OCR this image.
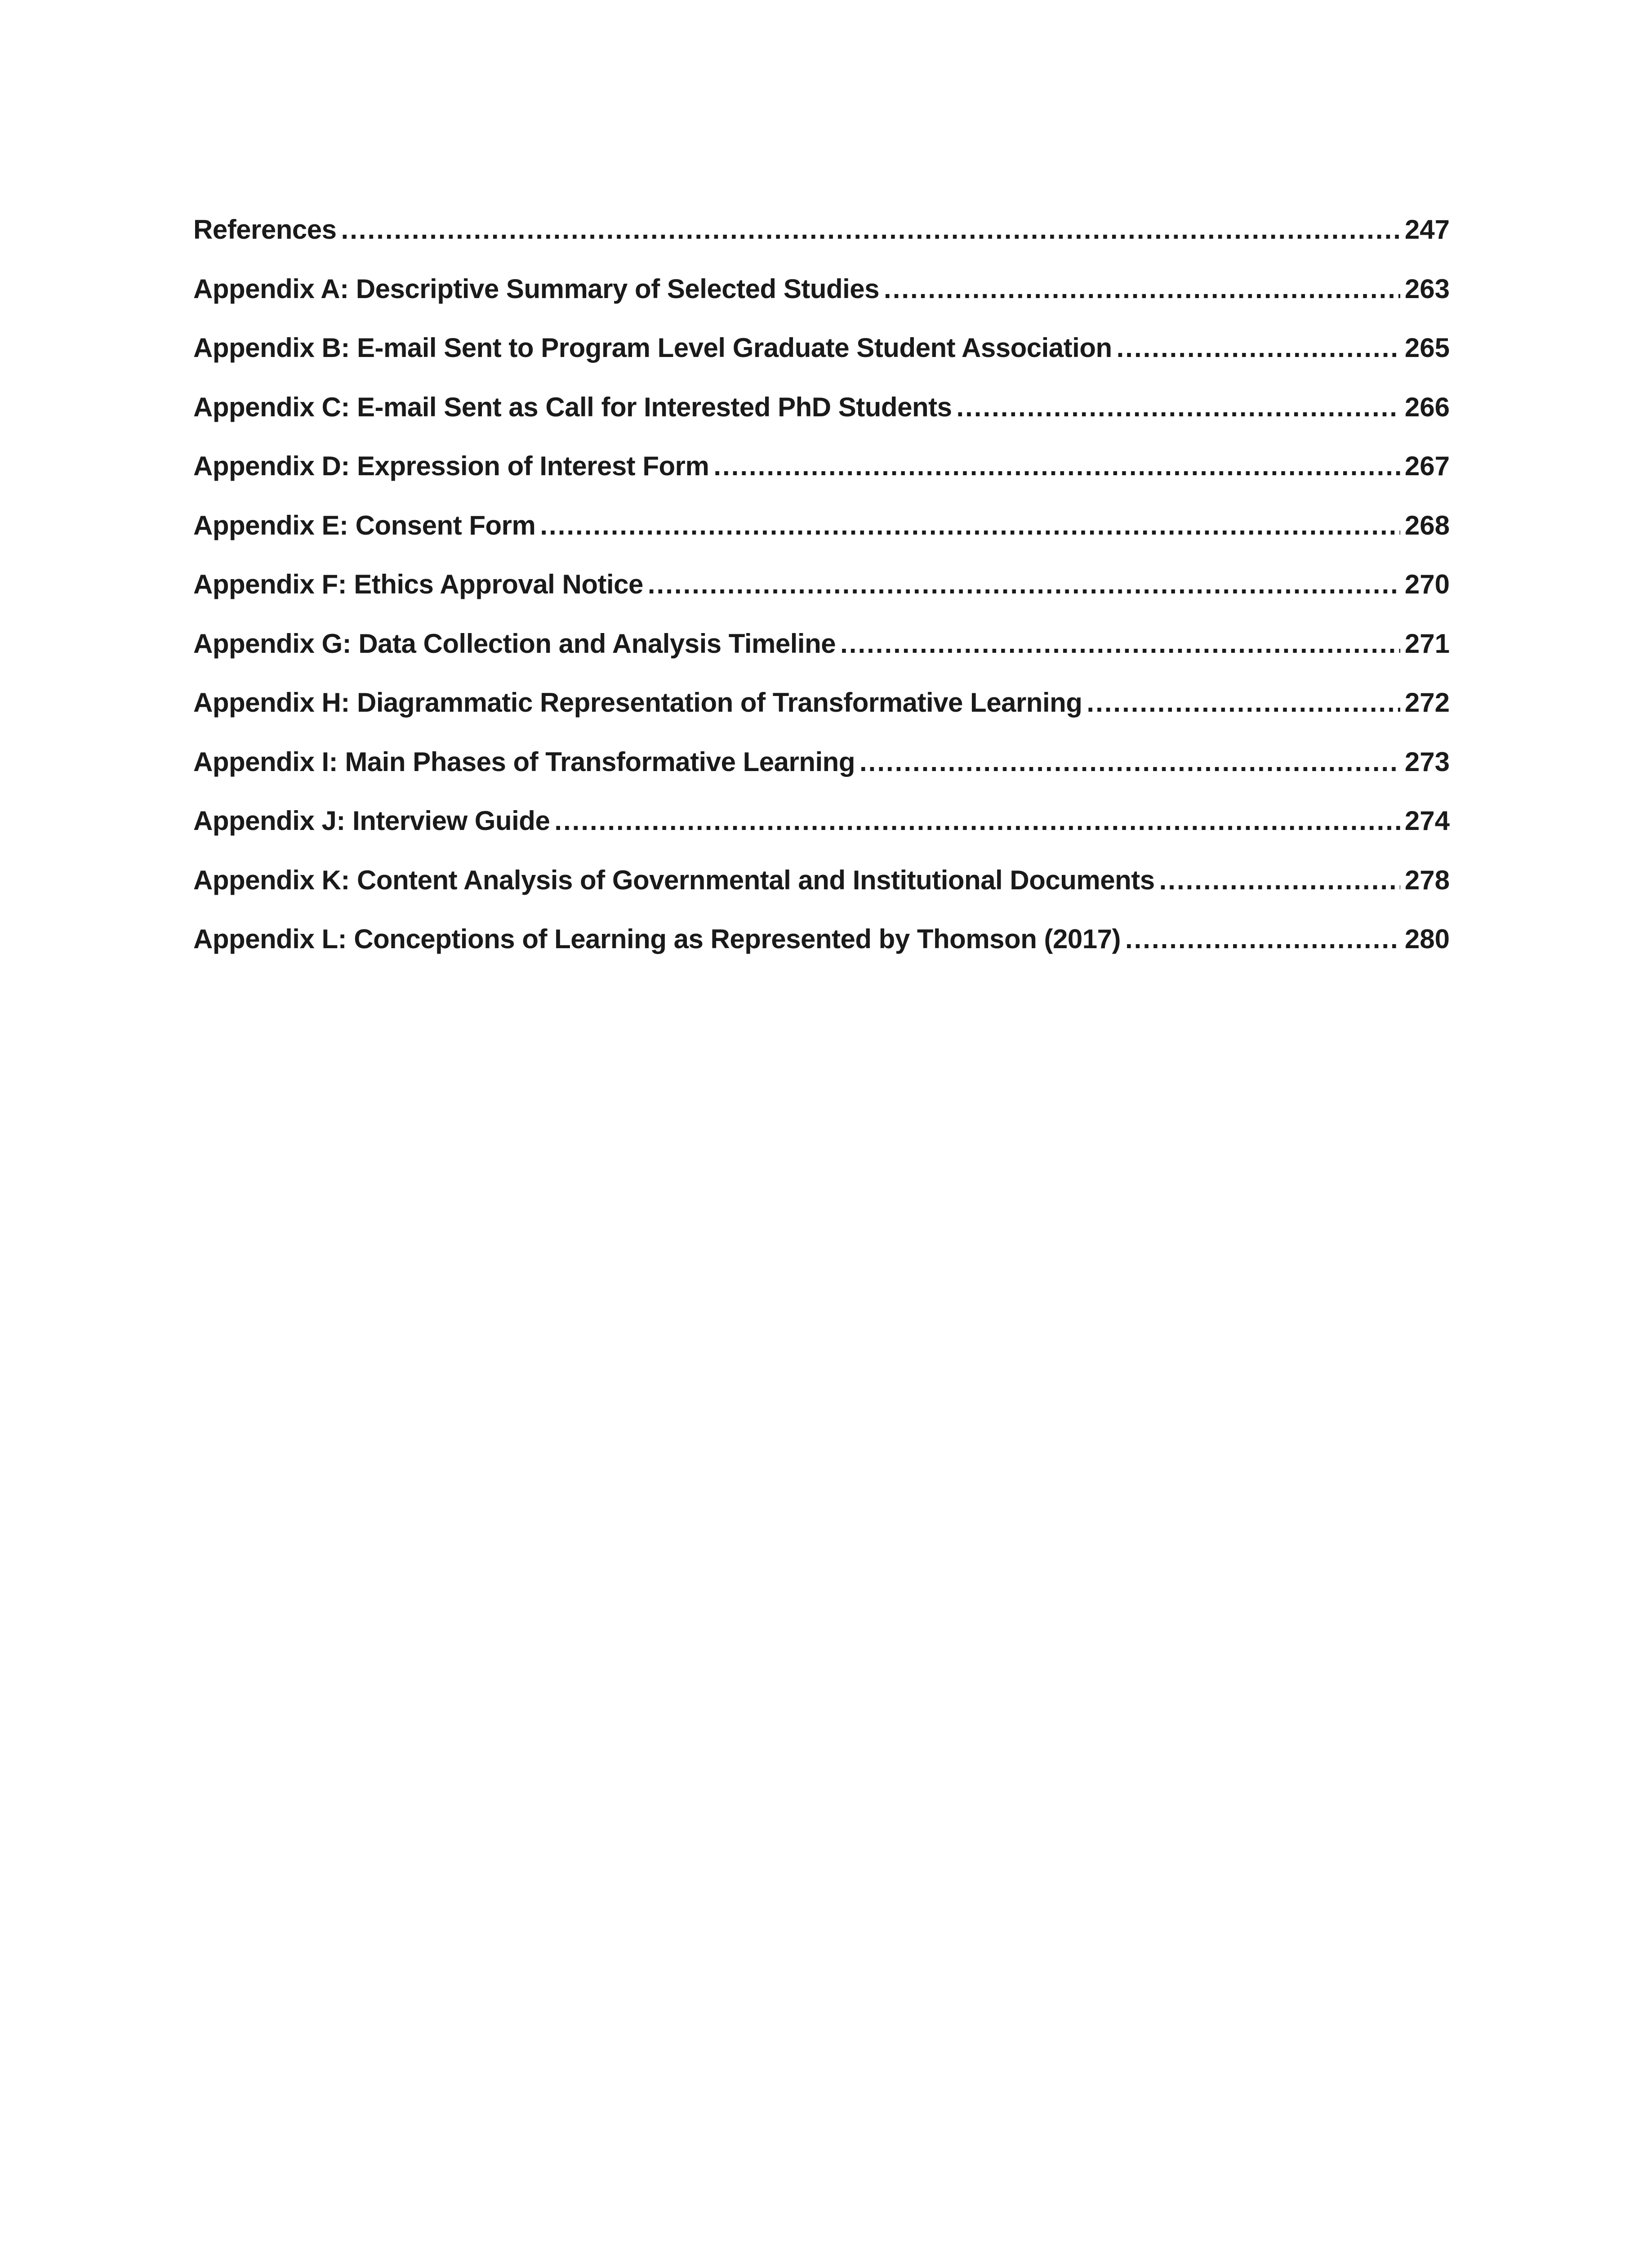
References .....	247
Appendix A: Descriptive Summary of Selected Studies .....	263
Appendix B: E-mail Sent to Program Level Graduate Student Association .....	265
Appendix C: E-mail Sent as Call for Interested PhD Students .....	266
Appendix D: Expression of Interest Form .....	267
Appendix E: Consent Form .....	268
Appendix F: Ethics Approval Notice .....	270
Appendix G: Data Collection and Analysis Timeline .....	271
Appendix H: Diagrammatic Representation of Transformative Learning .....	272
Appendix I: Main Phases of Transformative Learning .....	273
Appendix J: Interview Guide .....	274
Appendix K: Content Analysis of Governmental and Institutional Documents .....	278
Appendix L: Conceptions of Learning as Represented by Thomson (2017) .....	280
